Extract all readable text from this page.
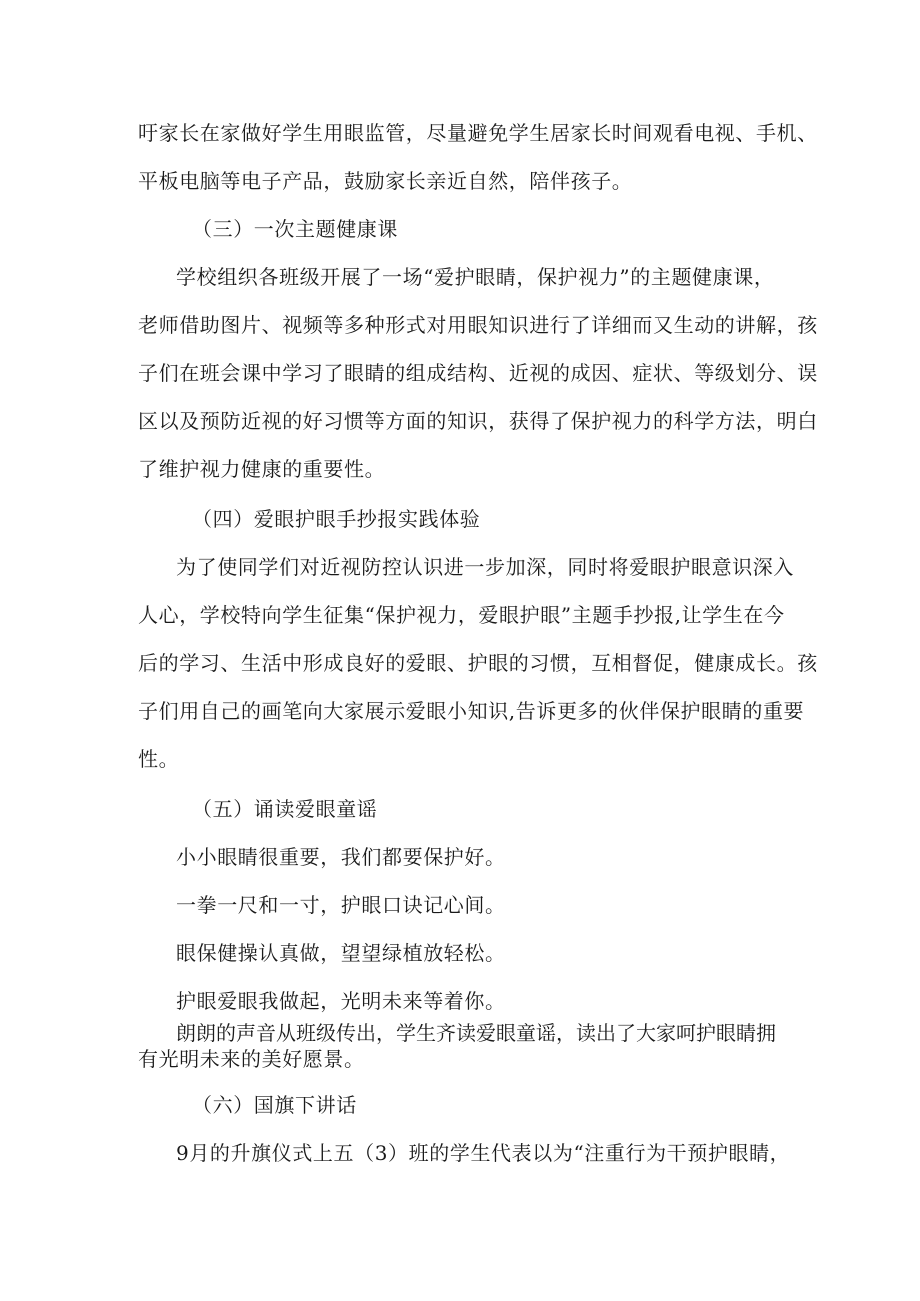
吁家长在家做好学生用眼监管，尽量避免学生居家长时间观看电视、手机、
平板电脑等电子产品，鼓励家长亲近自然，陪伴孩子。
（三）一次主题健康课
学校组织各班级开展了一场“爱护眼睛，保护视力”的主题健康课，
老师借助图片、视频等多种形式对用眼知识进行了详细而又生动的讲解，孩
子们在班会课中学习了眼睛的组成结构、近视的成因、症状、等级划分、误
区以及预防近视的好习惯等方面的知识，获得了保护视力的科学方法，明白
了维护视力健康的重要性。
（四）爱眼护眼手抄报实践体验
为了使同学们对近视防控认识进一步加深，同时将爱眼护眼意识深入
人心，学校特向学生征集“保护视力，爱眼护眼”主题手抄报,让学生在今
后的学习、生活中形成良好的爱眼、护眼的习惯，互相督促，健康成长。孩
子们用自己的画笔向大家展示爱眼小知识,告诉更多的伙伴保护眼睛的重要
性。
（五）诵读爱眼童谣
小小眼睛很重要，我们都要保护好。
一拳一尺和一寸，护眼口诀记心间。
眼保健操认真做，望望绿植放轻松。
护眼爱眼我做起，光明未来等着你。
朗朗的声音从班级传出，学生齐读爱眼童谣，读出了大家呵护眼睛拥
有光明未来的美好愿景。
（六）国旗下讲话
9月的升旗仪式上五（3）班的学生代表以为“注重行为干预护眼睛，
